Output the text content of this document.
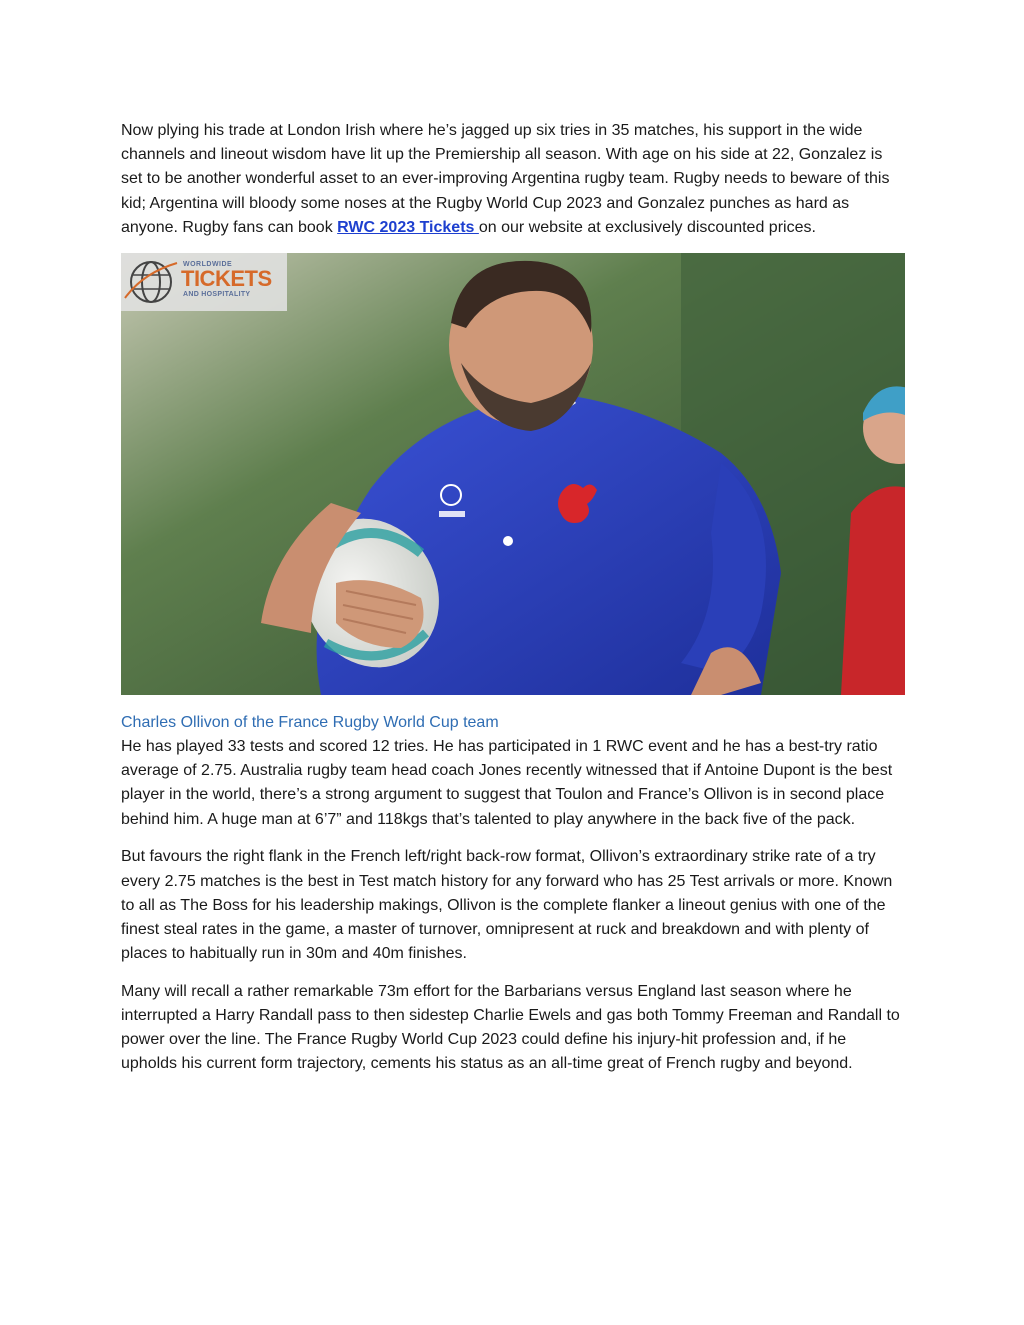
Now plying his trade at London Irish where he’s jagged up six tries in 35 matches, his support in the wide channels and lineout wisdom have lit up the Premiership all season. With age on his side at 22, Gonzalez is set to be another wonderful asset to an ever-improving Argentina rugby team. Rugby needs to beware of this kid; Argentina will bloody some noses at the Rugby World Cup 2023 and Gonzalez punches as hard as anyone. Rugby fans can book RWC 2023 Tickets on our website at exclusively discounted prices.

WORLDWIDE
TICKETS
AND HOSPITALITY
Charles Ollivon of the France Rugby World Cup team

He has played 33 tests and scored 12 tries. He has participated in 1 RWC event and he has a best-try ratio average of 2.75. Australia rugby team head coach Jones recently witnessed that if Antoine Dupont is the best player in the world, there’s a strong argument to suggest that Toulon and France’s Ollivon is in second place behind him. A huge man at 6’7” and 118kgs that’s talented to play anywhere in the back five of the pack.

But favours the right flank in the French left/right back-row format, Ollivon’s extraordinary strike rate of a try every 2.75 matches is the best in Test match history for any forward who has 25 Test arrivals or more. Known to all as The Boss for his leadership makings, Ollivon is the complete flanker a lineout genius with one of the finest steal rates in the game, a master of turnover, omnipresent at ruck and breakdown and with plenty of places to habitually run in 30m and 40m finishes.

Many will recall a rather remarkable 73m effort for the Barbarians versus England last season where he interrupted a Harry Randall pass to then sidestep Charlie Ewels and gas both Tommy Freeman and Randall to power over the line. The France Rugby World Cup 2023 could define his injury-hit profession and, if he upholds his current form trajectory, cements his status as an all-time great of French rugby and beyond.
